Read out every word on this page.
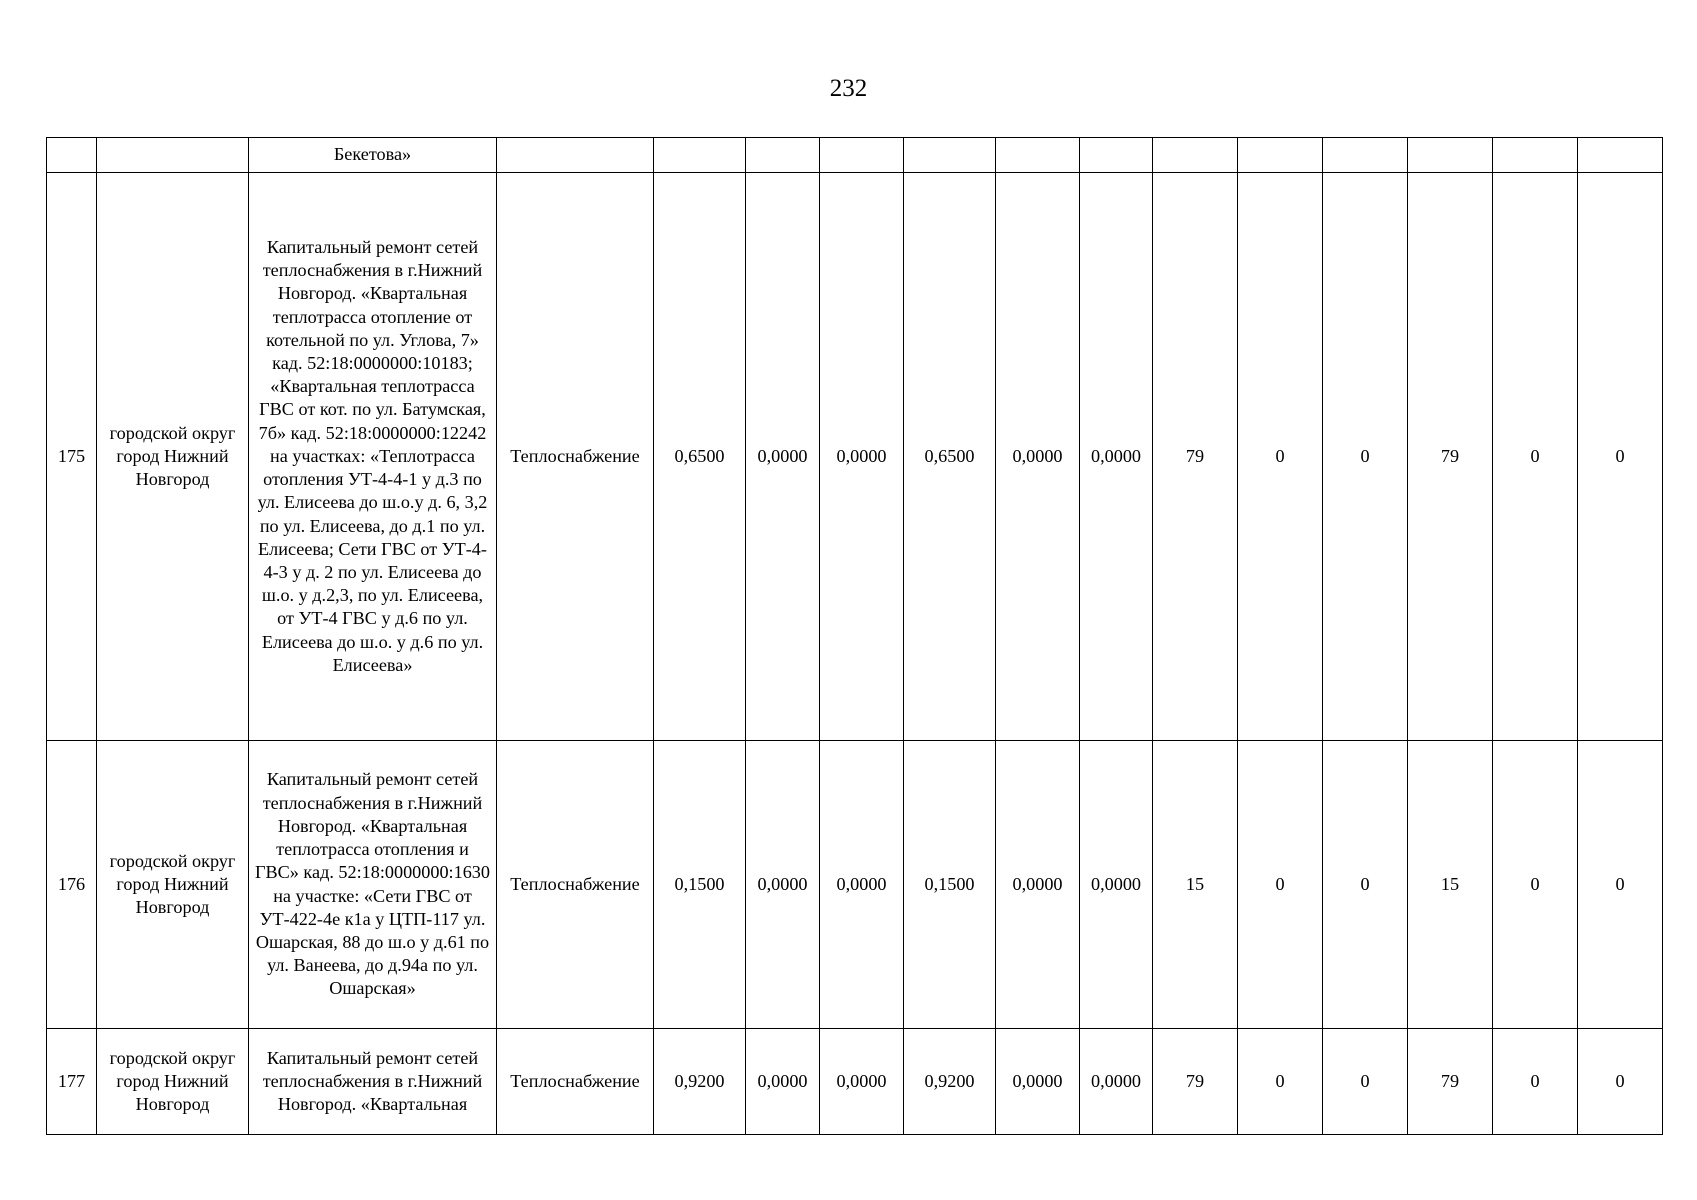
232
		Бекетова»													
175	городской округ город Нижний Новгород	Капитальный ремонт сетей теплоснабжения в г.Нижний Новгород. «Квартальная теплотрасса отопление от котельной по ул. Углова, 7» кад. 52:18:0000000:10183; «Квартальная теплотрасса ГВС от кот. по ул. Батумская, 7б» кад. 52:18:0000000:12242 на участках: «Теплотрасса отопления УТ-4-4-1 у д.3 по ул. Елисеева до ш.о.у д. 6, 3,2 по ул. Елисеева, до д.1 по ул. Елисеева; Сети ГВС от УТ-4-4-3 у д. 2 по ул. Елисеева до ш.о. у д.2,3, по ул. Елисеева, от УТ-4 ГВС у д.6 по ул. Елисеева до ш.о. у д.6 по ул. Елисеева»	Теплоснабжение	0,6500	0,0000	0,0000	0,6500	0,0000	0,0000	79	0	0	79	0	0
176	городской округ город Нижний Новгород	Капитальный ремонт сетей теплоснабжения в г.Нижний Новгород. «Квартальная теплотрасса отопления и ГВС» кад. 52:18:0000000:1630 на участке: «Сети ГВС от УТ-422-4е к1а у ЦТП-117 ул. Ошарская, 88 до ш.о у д.61 по ул. Ванеева, до д.94а по ул. Ошарская»	Теплоснабжение	0,1500	0,0000	0,0000	0,1500	0,0000	0,0000	15	0	0	15	0	0
177	городской округ город Нижний Новгород	Капитальный ремонт сетей теплоснабжения в г.Нижний Новгород. «Квартальная	Теплоснабжение	0,9200	0,0000	0,0000	0,9200	0,0000	0,0000	79	0	0	79	0	0
